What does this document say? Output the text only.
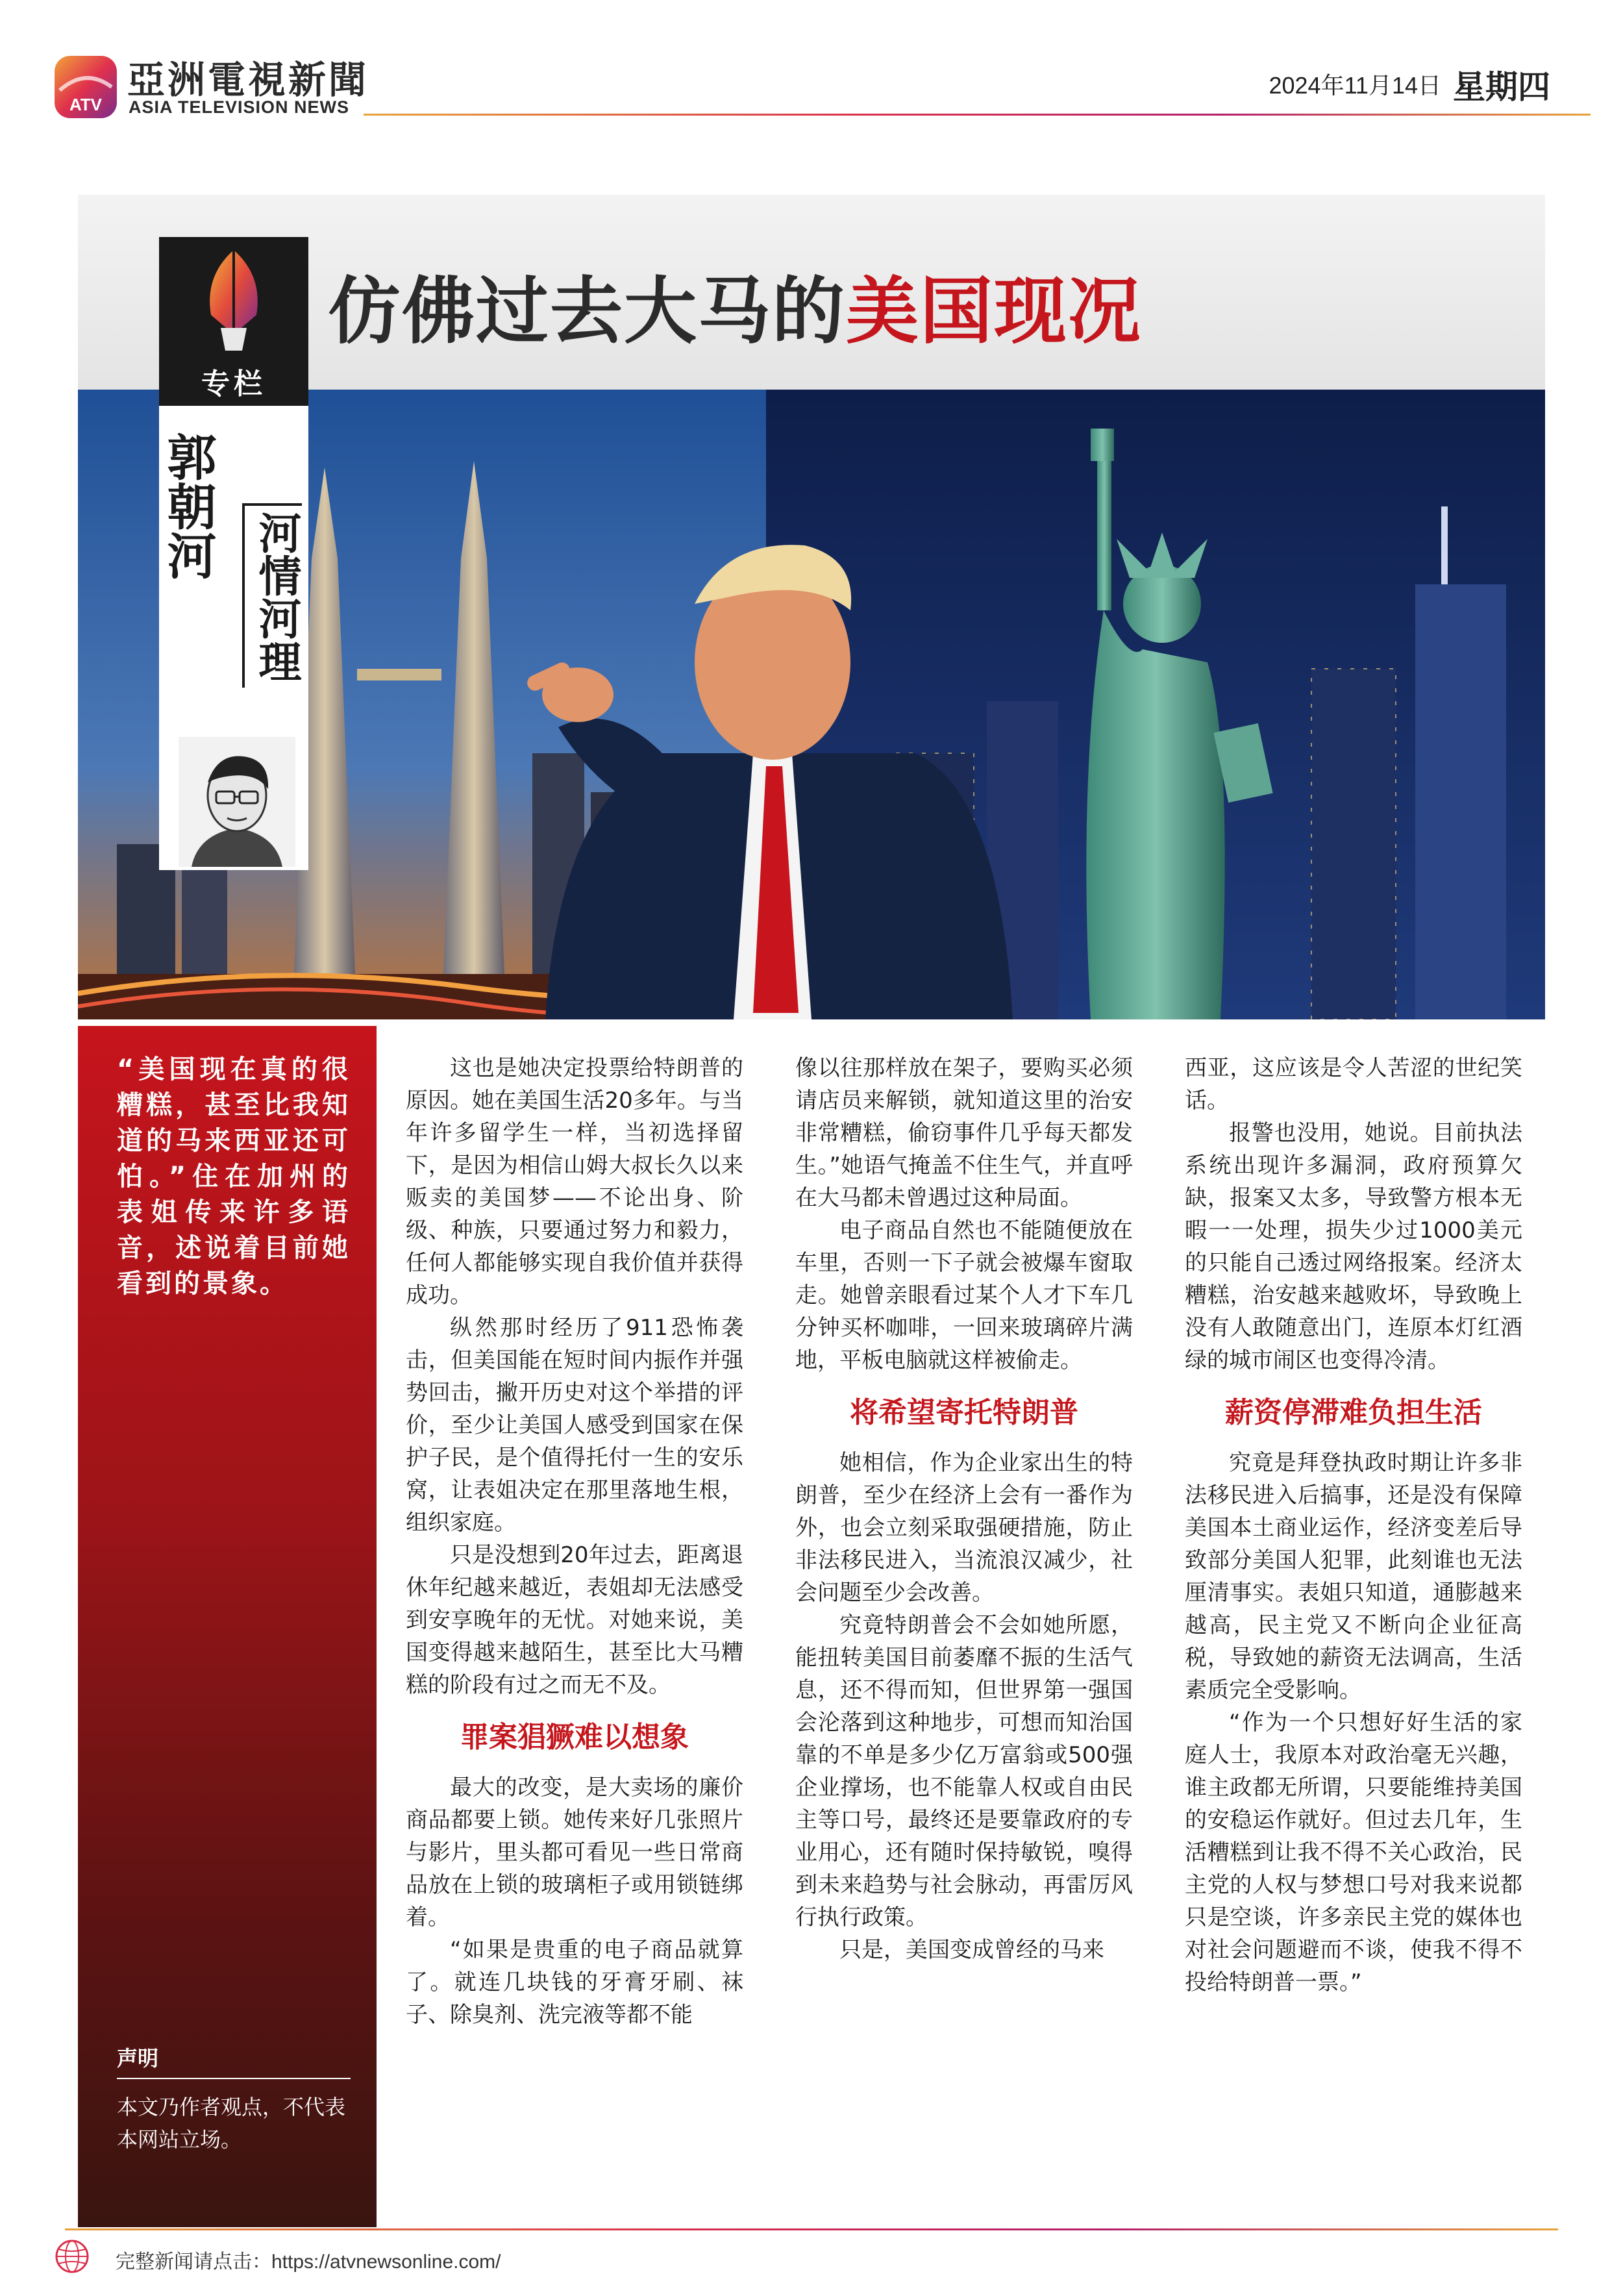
ATV
亞洲電視新聞
ASIA TELEVISION NEWS
2024年11月14日 星期四
仿佛过去大马的美国现况
专栏
郭朝河
河情河理
“美国现在真的很糟糕，甚至比我知道的马来西亚还可怕。”住在加州的表姐传来许多语音，述说着目前她看到的景象。
声明
本文乃作者观点，不代表本网站立场。

这也是她决定投票给特朗普的原因。她在美国生活20多年。与当年许多留学生一样，当初选择留下，是因为相信山姆大叔长久以来贩卖的美国梦——不论出身、阶级、种族，只要通过努力和毅力，任何人都能够实现自我价值并获得成功。

纵然那时经历了911恐怖袭击，但美国能在短时间内振作并强势回击，撇开历史对这个举措的评价，至少让美国人感受到国家在保护子民，是个值得托付一生的安乐窝，让表姐决定在那里落地生根，组织家庭。

只是没想到20年过去，距离退休年纪越来越近，表姐却无法感受到安享晚年的无忧。对她来说，美国变得越来越陌生，甚至比大马糟糕的阶段有过之而无不及。

罪案猖獗难以想象

最大的改变，是大卖场的廉价商品都要上锁。她传来好几张照片与影片，里头都可看见一些日常商品放在上锁的玻璃柜子或用锁链绑着。

“如果是贵重的电子商品就算了。就连几块钱的牙膏牙刷、袜子、除臭剂、洗完液等都不能

像以往那样放在架子，要购买必须请店员来解锁，就知道这里的治安非常糟糕，偷窃事件几乎每天都发生。”她语气掩盖不住生气，并直呼在大马都未曾遇过这种局面。

电子商品自然也不能随便放在车里，否则一下子就会被爆车窗取走。她曾亲眼看过某个人才下车几分钟买杯咖啡，一回来玻璃碎片满地，平板电脑就这样被偷走。

将希望寄托特朗普

她相信，作为企业家出生的特朗普，至少在经济上会有一番作为外，也会立刻采取强硬措施，防止非法移民进入，当流浪汉减少，社会问题至少会改善。

究竟特朗普会不会如她所愿，能扭转美国目前萎靡不振的生活气息，还不得而知，但世界第一强国会沦落到这种地步，可想而知治国靠的不单是多少亿万富翁或500强企业撑场，也不能靠人权或自由民主等口号，最终还是要靠政府的专业用心，还有随时保持敏锐，嗅得到未来趋势与社会脉动，再雷厉风行执行政策。

只是，美国变成曾经的马来

西亚，这应该是令人苦涩的世纪笑话。

报警也没用，她说。目前执法系统出现许多漏洞，政府预算欠缺，报案又太多，导致警方根本无暇一一处理，损失少过1000美元的只能自己透过网络报案。经济太糟糕，治安越来越败坏，导致晚上没有人敢随意出门，连原本灯红酒绿的城市闹区也变得冷清。

薪资停滞难负担生活

究竟是拜登执政时期让许多非法移民进入后搞事，还是没有保障美国本土商业运作，经济变差后导致部分美国人犯罪，此刻谁也无法厘清事实。表姐只知道，通膨越来越高，民主党又不断向企业征高税，导致她的薪资无法调高，生活素质完全受影响。

“作为一个只想好好生活的家庭人士，我原本对政治毫无兴趣，谁主政都无所谓，只要能维持美国的安稳运作就好。但过去几年，生活糟糕到让我不得不关心政治，民主党的人权与梦想口号对我来说都只是空谈，许多亲民主党的媒体也对社会问题避而不谈，使我不得不投给特朗普一票。”

完整新闻请点击：https://atvnewsonline.com/
